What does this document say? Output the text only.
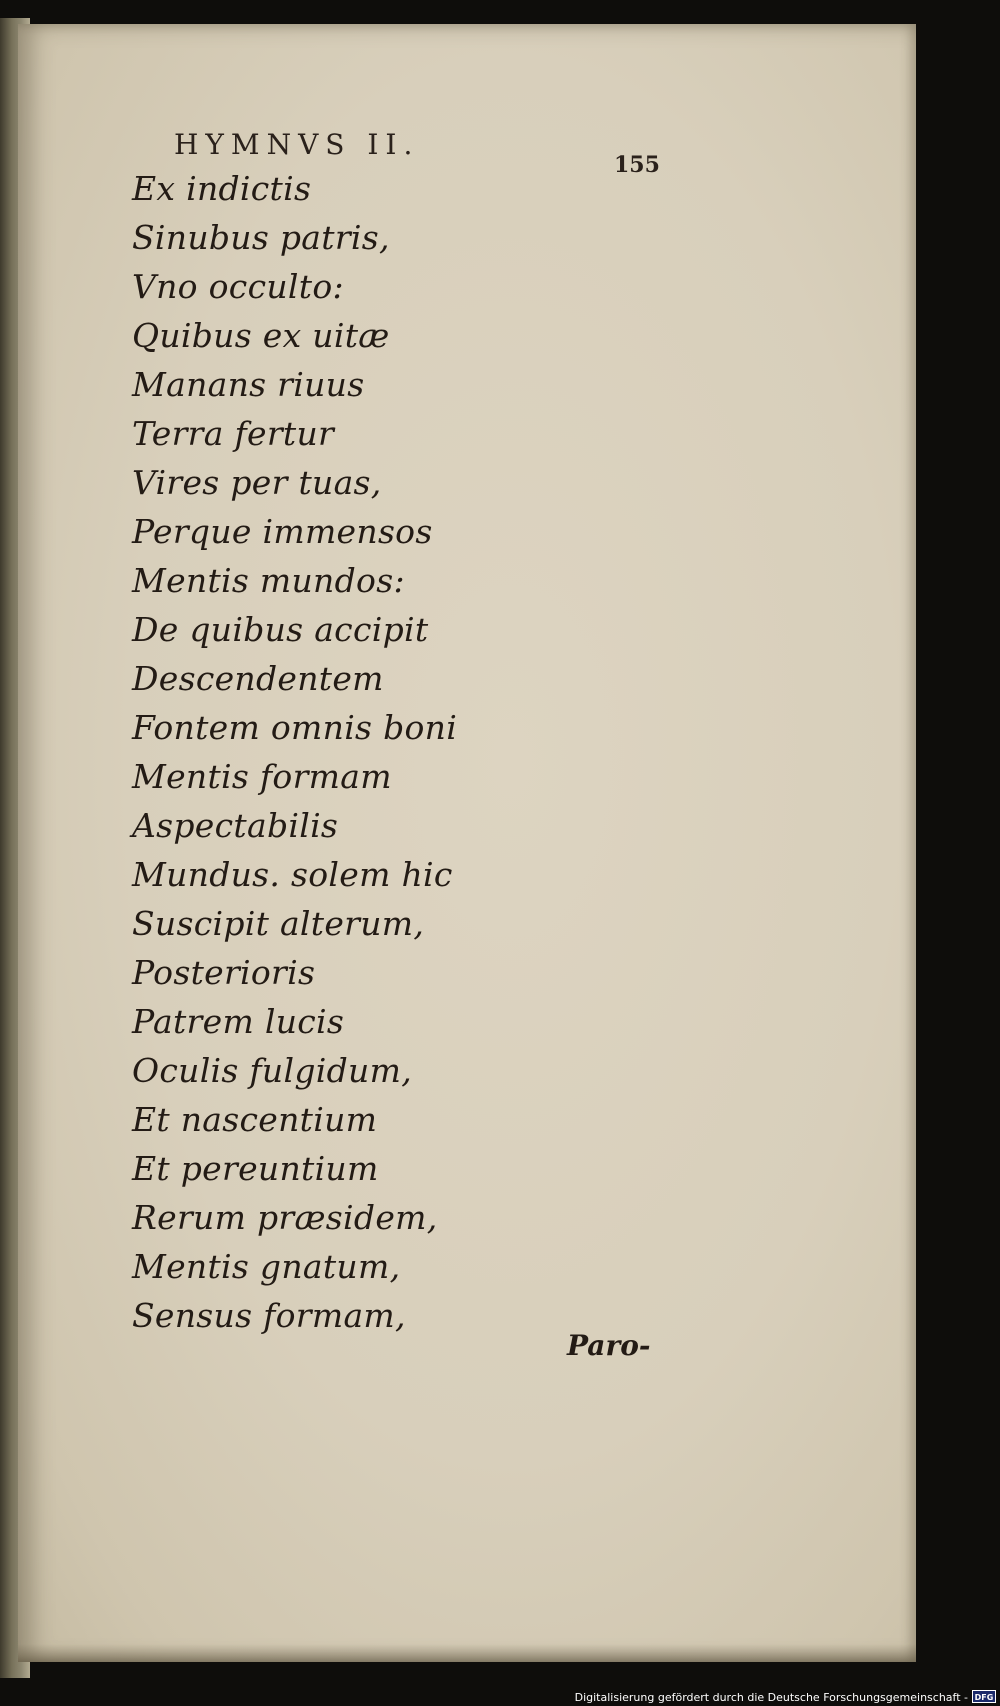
HYMNVS II.
155
Ex indictis
Sinubus patris,
Vno occulto:
Quibus ex uitæ
Manans riuus
Terra fertur
Vires per tuas,
Perque immensos
Mentis mundos:
De quibus accipit
Descendentem
Fontem omnis boni
Mentis formam
Aspectabilis
Mundus. solem hic
Suscipit alterum,
Posterioris
Patrem lucis
Oculis fulgidum,
Et nascentium
Et pereuntium
Rerum præsidem,
Mentis gnatum,
Sensus formam,
Paro-
Digitalisierung gefördert durch die Deutsche Forschungsgemeinschaft - DFG
